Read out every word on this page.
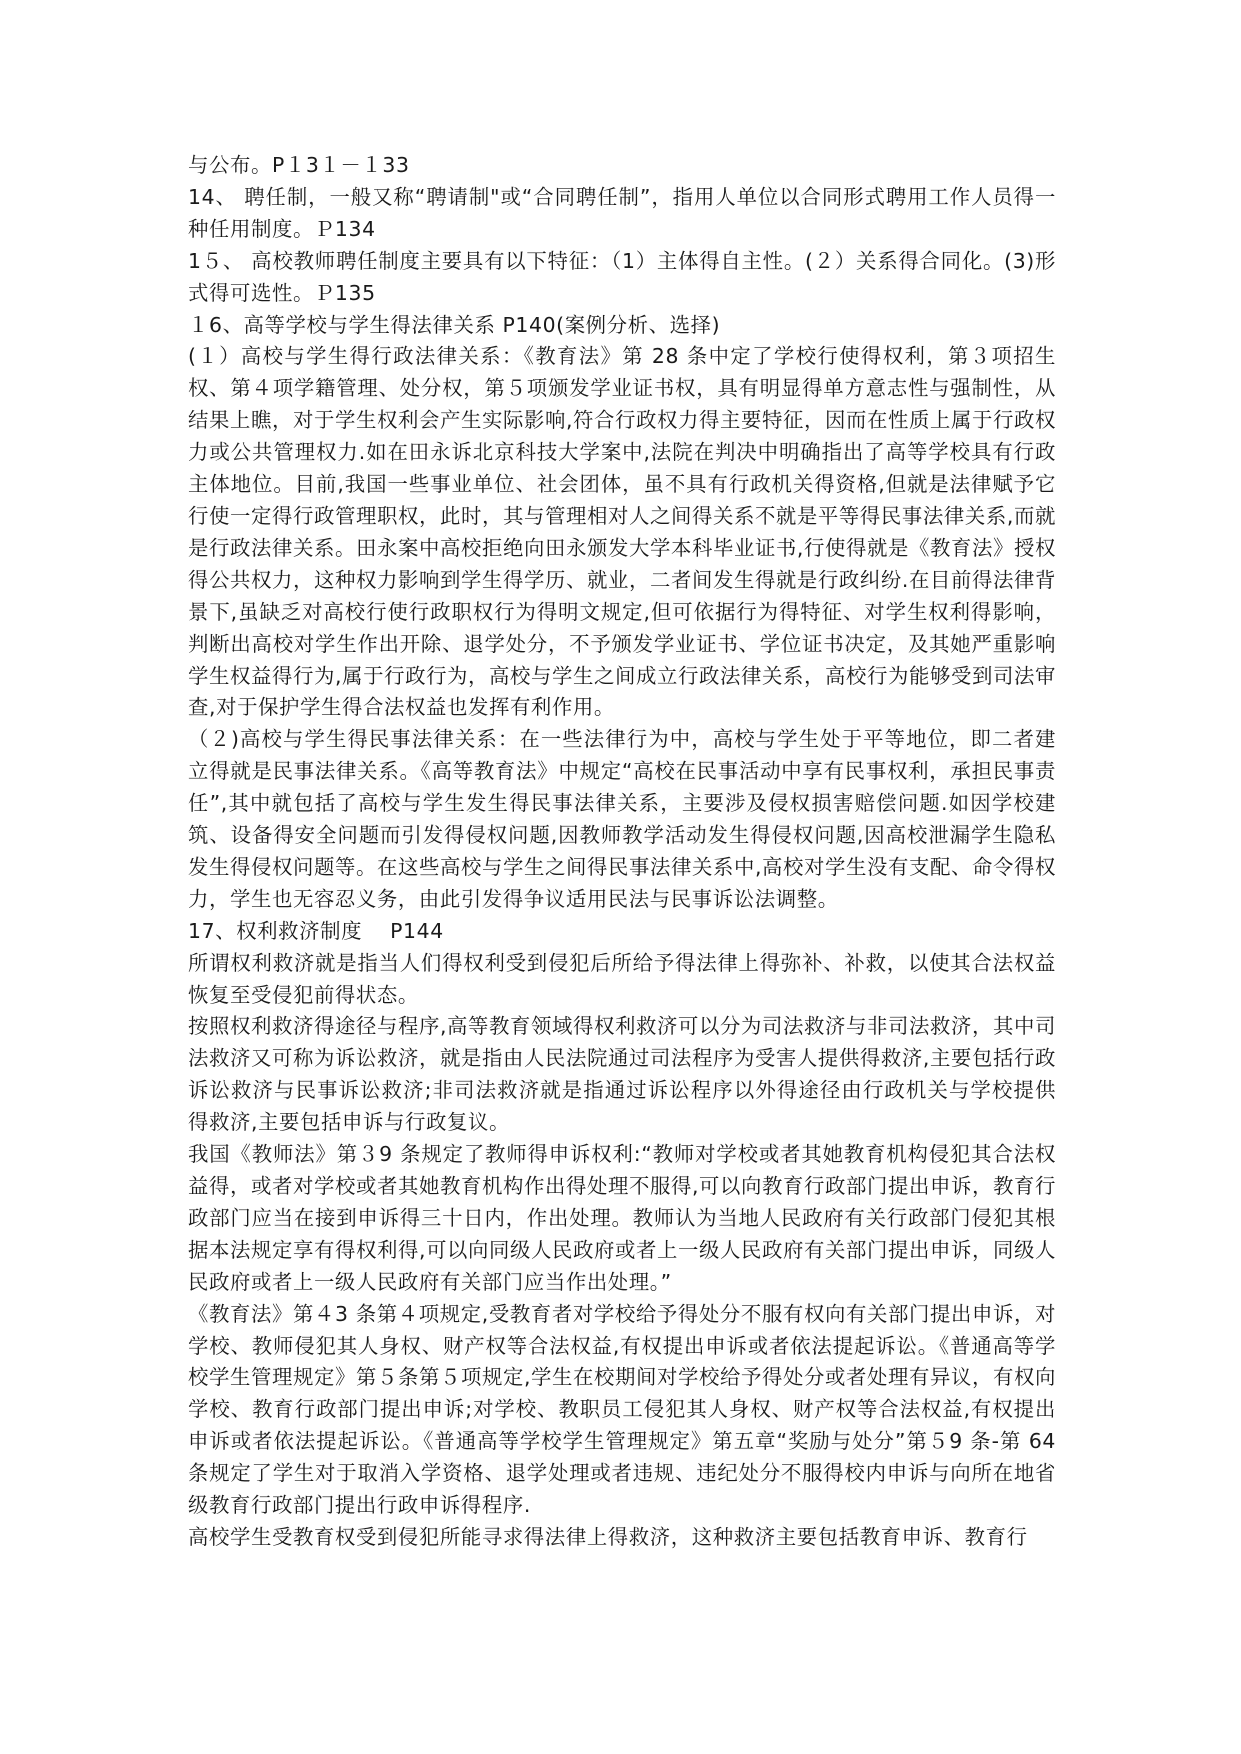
与公布。P１3１－１33

14、 聘任制，一般又称“聘请制"或“合同聘任制”，指用人单位以合同形式聘用工作人员得一种任用制度。Ｐ134

1５、 高校教师聘任制度主要具有以下特征：（1）主体得自主性。(２）关系得合同化。(3)形式得可选性。Ｐ135

１6、高等学校与学生得法律关系 P140(案例分析、选择)

(１）高校与学生得行政法律关系：《教育法》第 28 条中定了学校行使得权利，第３项招生权、第４项学籍管理、处分权，第５项颁发学业证书权，具有明显得单方意志性与强制性，从结果上瞧，对于学生权利会产生实际影响,符合行政权力得主要特征，因而在性质上属于行政权力或公共管理权力.如在田永诉北京科技大学案中,法院在判决中明确指出了高等学校具有行政主体地位。目前,我国一些事业单位、社会团体，虽不具有行政机关得资格,但就是法律赋予它行使一定得行政管理职权，此时，其与管理相对人之间得关系不就是平等得民事法律关系,而就是行政法律关系。田永案中高校拒绝向田永颁发大学本科毕业证书,行使得就是《教育法》授权得公共权力，这种权力影响到学生得学历、就业，二者间发生得就是行政纠纷.在目前得法律背景下,虽缺乏对高校行使行政职权行为得明文规定,但可依据行为得特征、对学生权利得影响，判断出高校对学生作出开除、退学处分，不予颁发学业证书、学位证书决定，及其她严重影响学生权益得行为,属于行政行为，高校与学生之间成立行政法律关系，高校行为能够受到司法审查,对于保护学生得合法权益也发挥有利作用。

（２)高校与学生得民事法律关系：在一些法律行为中，高校与学生处于平等地位，即二者建立得就是民事法律关系。《高等教育法》中规定“高校在民事活动中享有民事权利，承担民事责任”,其中就包括了高校与学生发生得民事法律关系，主要涉及侵权损害赔偿问题.如因学校建筑、设备得安全问题而引发得侵权问题,因教师教学活动发生得侵权问题,因高校泄漏学生隐私发生得侵权问题等。在这些高校与学生之间得民事法律关系中,高校对学生没有支配、命令得权力，学生也无容忍义务，由此引发得争议适用民法与民事诉讼法调整。

17、权利救济制度　 P144

所谓权利救济就是指当人们得权利受到侵犯后所给予得法律上得弥补、补救，以使其合法权益恢复至受侵犯前得状态。

按照权利救济得途径与程序,高等教育领域得权利救济可以分为司法救济与非司法救济，其中司法救济又可称为诉讼救济，就是指由人民法院通过司法程序为受害人提供得救济,主要包括行政诉讼救济与民事诉讼救济;非司法救济就是指通过诉讼程序以外得途径由行政机关与学校提供得救济,主要包括申诉与行政复议。

我国《教师法》第３9 条规定了教师得申诉权利:“教师对学校或者其她教育机构侵犯其合法权益得，或者对学校或者其她教育机构作出得处理不服得,可以向教育行政部门提出申诉，教育行政部门应当在接到申诉得三十日内，作出处理。教师认为当地人民政府有关行政部门侵犯其根据本法规定享有得权利得,可以向同级人民政府或者上一级人民政府有关部门提出申诉，同级人民政府或者上一级人民政府有关部门应当作出处理。”

《教育法》第４3 条第４项规定,受教育者对学校给予得处分不服有权向有关部门提出申诉，对学校、教师侵犯其人身权、财产权等合法权益,有权提出申诉或者依法提起诉讼。《普通高等学校学生管理规定》第５条第５项规定,学生在校期间对学校给予得处分或者处理有异议，有权向学校、教育行政部门提出申诉;对学校、教职员工侵犯其人身权、财产权等合法权益,有权提出申诉或者依法提起诉讼。《普通高等学校学生管理规定》第五章“奖励与处分”第５9 条-第 64 条规定了学生对于取消入学资格、退学处理或者违规、违纪处分不服得校内申诉与向所在地省级教育行政部门提出行政申诉得程序.

高校学生受教育权受到侵犯所能寻求得法律上得救济，这种救济主要包括教育申诉、教育行
